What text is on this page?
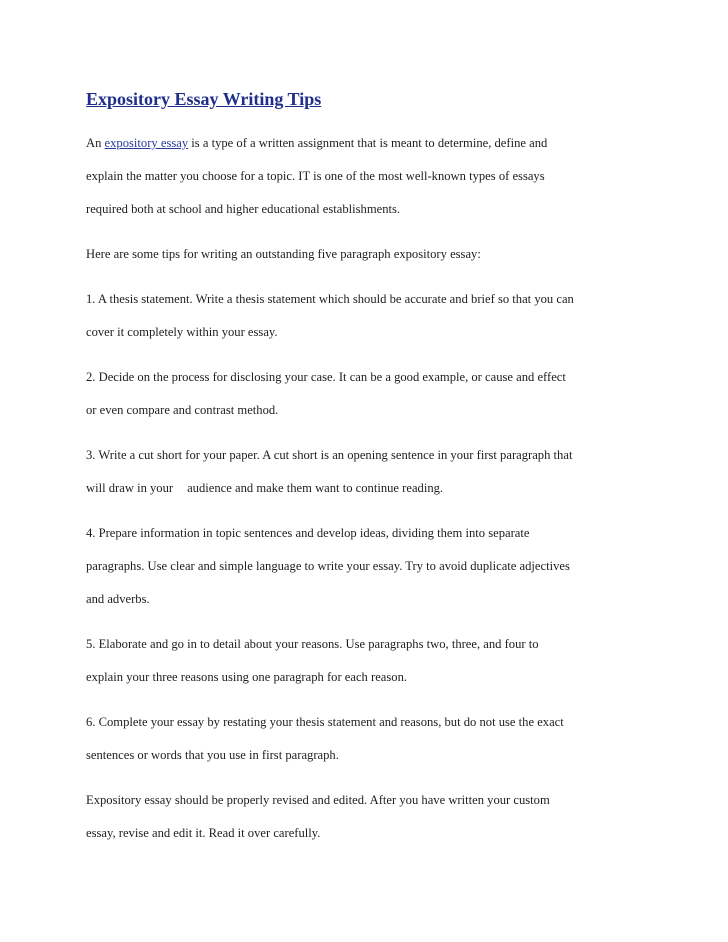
Expository Essay Writing Tips
An expository essay is a type of a written assignment that is meant to determine, define and
explain the matter you choose for a topic. IT is one of the most well-known types of essays
required both at school and higher educational establishments.
Here are some tips for writing an outstanding five paragraph expository essay:
1. A thesis statement. Write a thesis statement which should be accurate and brief so that you can
cover it completely within your essay.
2. Decide on the process for disclosing your case. It can be a good example, or cause and effect
or even compare and contrast method.
3. Write a cut short for your paper. A cut short is an opening sentence in your first paragraph that
will draw in your audience and make them want to continue reading.
4. Prepare information in topic sentences and develop ideas, dividing them into separate
paragraphs. Use clear and simple language to write your essay. Try to avoid duplicate adjectives
and adverbs.
5. Elaborate and go in to detail about your reasons. Use paragraphs two, three, and four to
explain your three reasons using one paragraph for each reason.
6. Complete your essay by restating your thesis statement and reasons, but do not use the exact
sentences or words that you use in first paragraph.
Expository essay should be properly revised and edited. After you have written your custom
essay, revise and edit it. Read it over carefully.
